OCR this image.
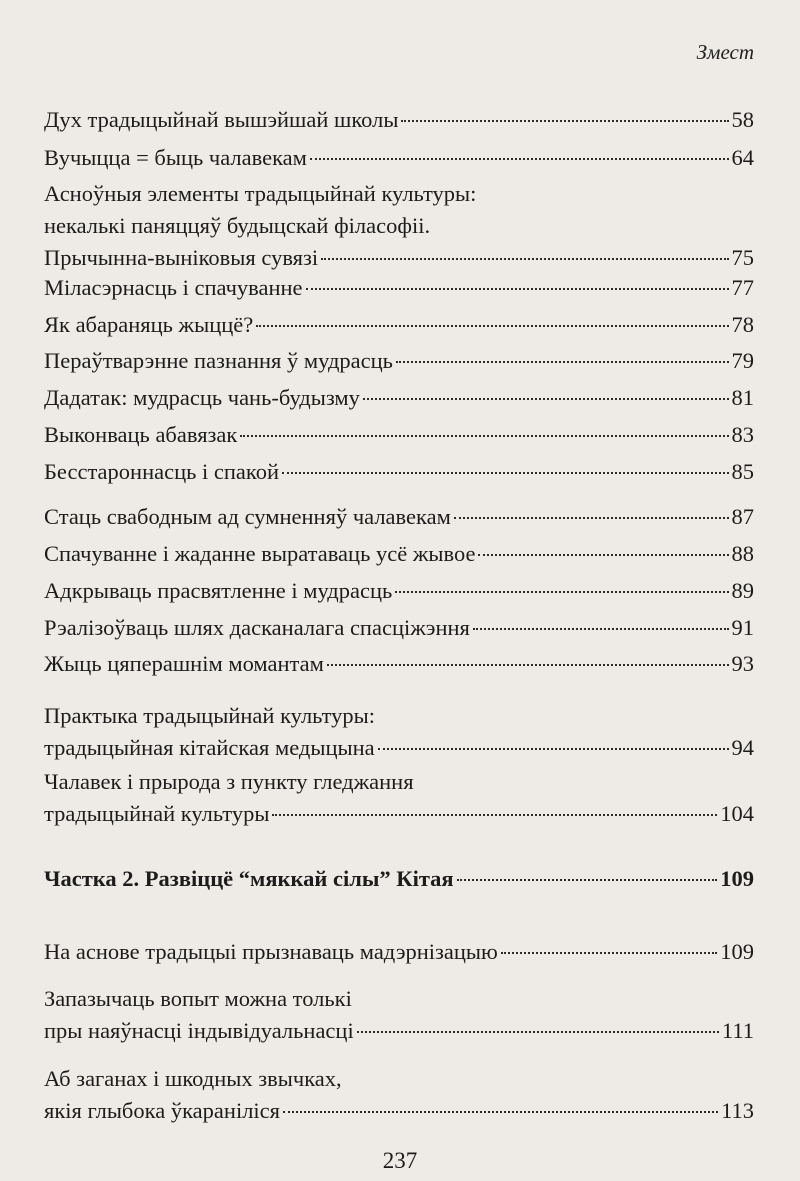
Змест
Дух традыцыйнай вышэйшай школы	58
Вучыцца = быць чалавекам	64
Асноўныя элементы традыцыйнай культуры:
некалькі паняццяў будыцскай філасофіі.
Прычынна-выніковыя сувязі	75
Міласэрнасць і спачуванне	77
Як абараняць жыццё?	78
Пераўтварэнне пазнання ў мудрасць	79
Дадатак: мудрасць чань-будызму	81
Выконваць абавязак	83
Бесстароннасць і спакой	85
Стаць свабодным ад сумненняў чалавекам	87
Спачуванне і жаданне выратаваць усё жывое	88
Адкрываць прасвятленне і мудрасць	89
Рэалізоўваць шлях дасканалага спасціжэння	91
Жыць цяперашнім момантам	93
Практыка традыцыйнай культуры:
традыцыйная кітайская медыцына	94
Чалавек і прырода з пункту гледжання
традыцыйнай культуры	104
Частка 2. Развіццё “мяккай сілы” Кітая	109
На аснове традыцыі прызнаваць мадэрнізацыю	109
Запазычаць вопыт можна толькі
пры наяўнасці індывідуальнасці	111
Аб заганах і шкодных звычках,
якія глыбока ўкараніліся	113
237
